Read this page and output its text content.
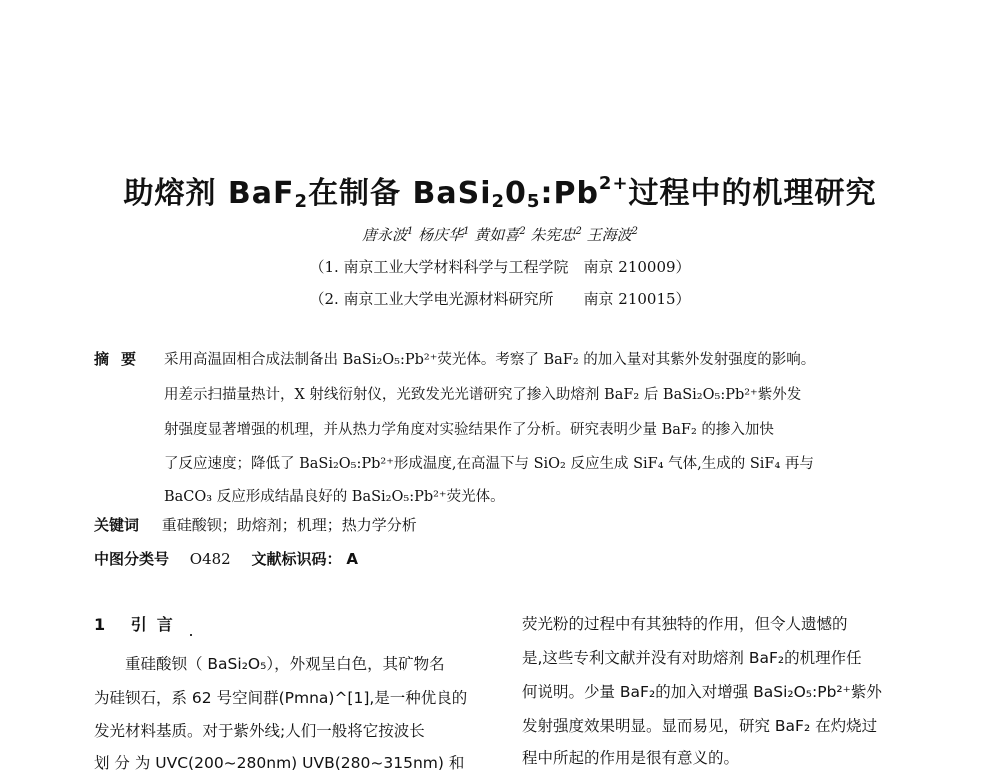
助熔剂 BaF$_2$在制备 $BaSi_20_5:Pb^{2+}$过程中的机理研究
唐永波$^1$ 杨庆华$^1$ 黄如喜$^2$ 朱宪忠$^2$ 王海波$^2$
（1. 南京工业大学材料科学与工程学院　南京 210009）
（2. 南京工业大学电光源材料研究所　　南京 210015）
摘要 采用高温固相合成法制备出 BaSi₂O₅:Pb²⁺荧光体。考察了 BaF₂ 的加入量对其紫外发射强度的影响。
用差示扫描量热计，X 射线衍射仪，光致发光光谱研究了掺入助熔剂 BaF₂ 后 BaSi₂O₅:Pb²⁺紫外发
射强度显著增强的机理，并从热力学角度对实验结果作了分析。研究表明少量 BaF₂ 的掺入加快
了反应速度；降低了 BaSi₂O₅:Pb²⁺形成温度,在高温下与 SiO₂ 反应生成 SiF₄ 气体,生成的 SiF₄ 再与
BaCO₃ 反应形成结晶良好的 BaSi₂O₅:Pb²⁺荧光体。
关键词 重硅酸钡；助熔剂；机理；热力学分析
中图分类号 O482 文献标识码： A
1 引言
　　重硅酸钡（ BaSi₂O₅），外观呈白色，其矿物名
为硅钡石，系 62 号空间群(Pmna)^[1],是一种优良的
发光材料基质。对于紫外线;人们一般将它按波长
划 分 为 UVC(200~280nm) UVB(280~315nm) 和
荧光粉的过程中有其独特的作用，但令人遗憾的
是,这些专利文献并没有对助熔剂 BaF₂的机理作任
何说明。少量 BaF₂的加入对增强 BaSi₂O₅:Pb²⁺紫外
发射强度效果明显。显而易见，研究 BaF₂ 在灼烧过
程中所起的作用是很有意义的。
